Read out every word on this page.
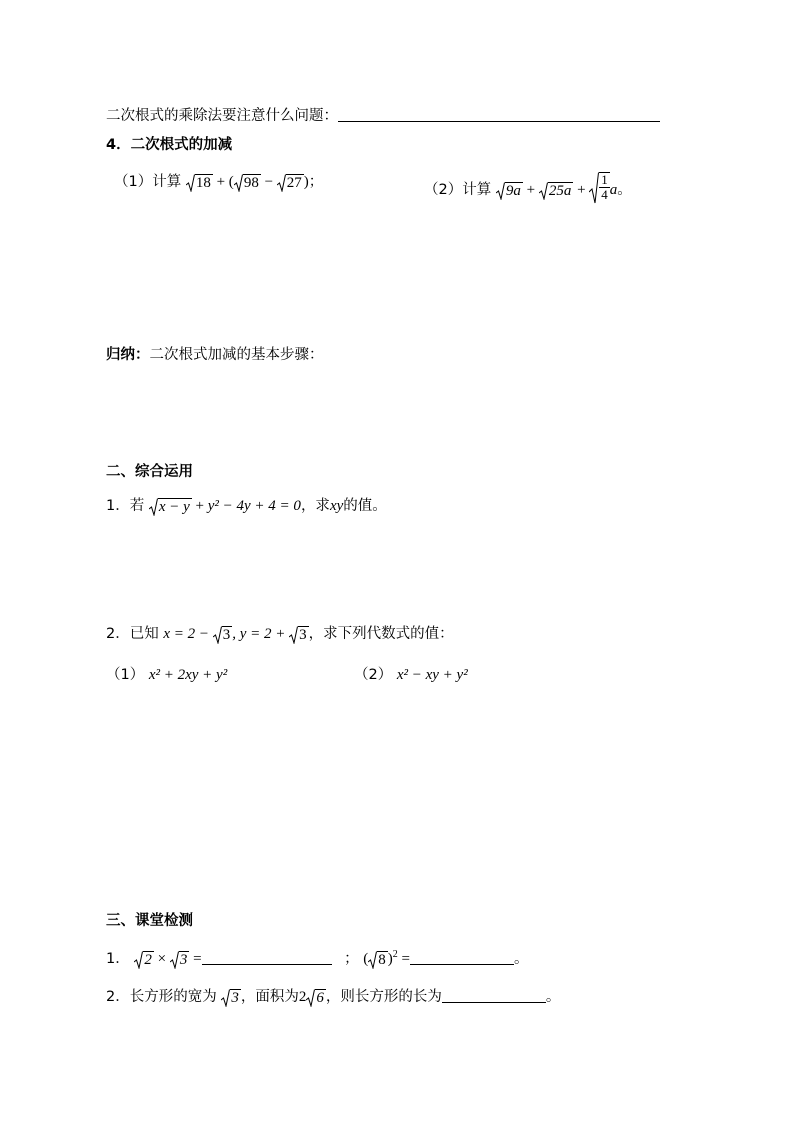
二次根式的乘除法要注意什么问题：
4．二次根式的加减
（1）计算 18 + ( 98 − 27 )；	（2）计算 $9a + 25a + \frac{1}{4}$ a。
归纳：二次根式加减的基本步骤：
二、综合运用
1．若 x − y + y² − 4y + 4 = 0，求xy的值。
2．已知 x = 2 − 3 , y = 2 + 3 ，求下列代数式的值：
（1） x² + 2xy + y²	（2） x² − xy + y²
三、课堂检测
1． 2 × 3 =	； ( 8 )$^2$ =	。
2．长方形的宽为 3 ，面积为2 6 ，则长方形的长为	。
